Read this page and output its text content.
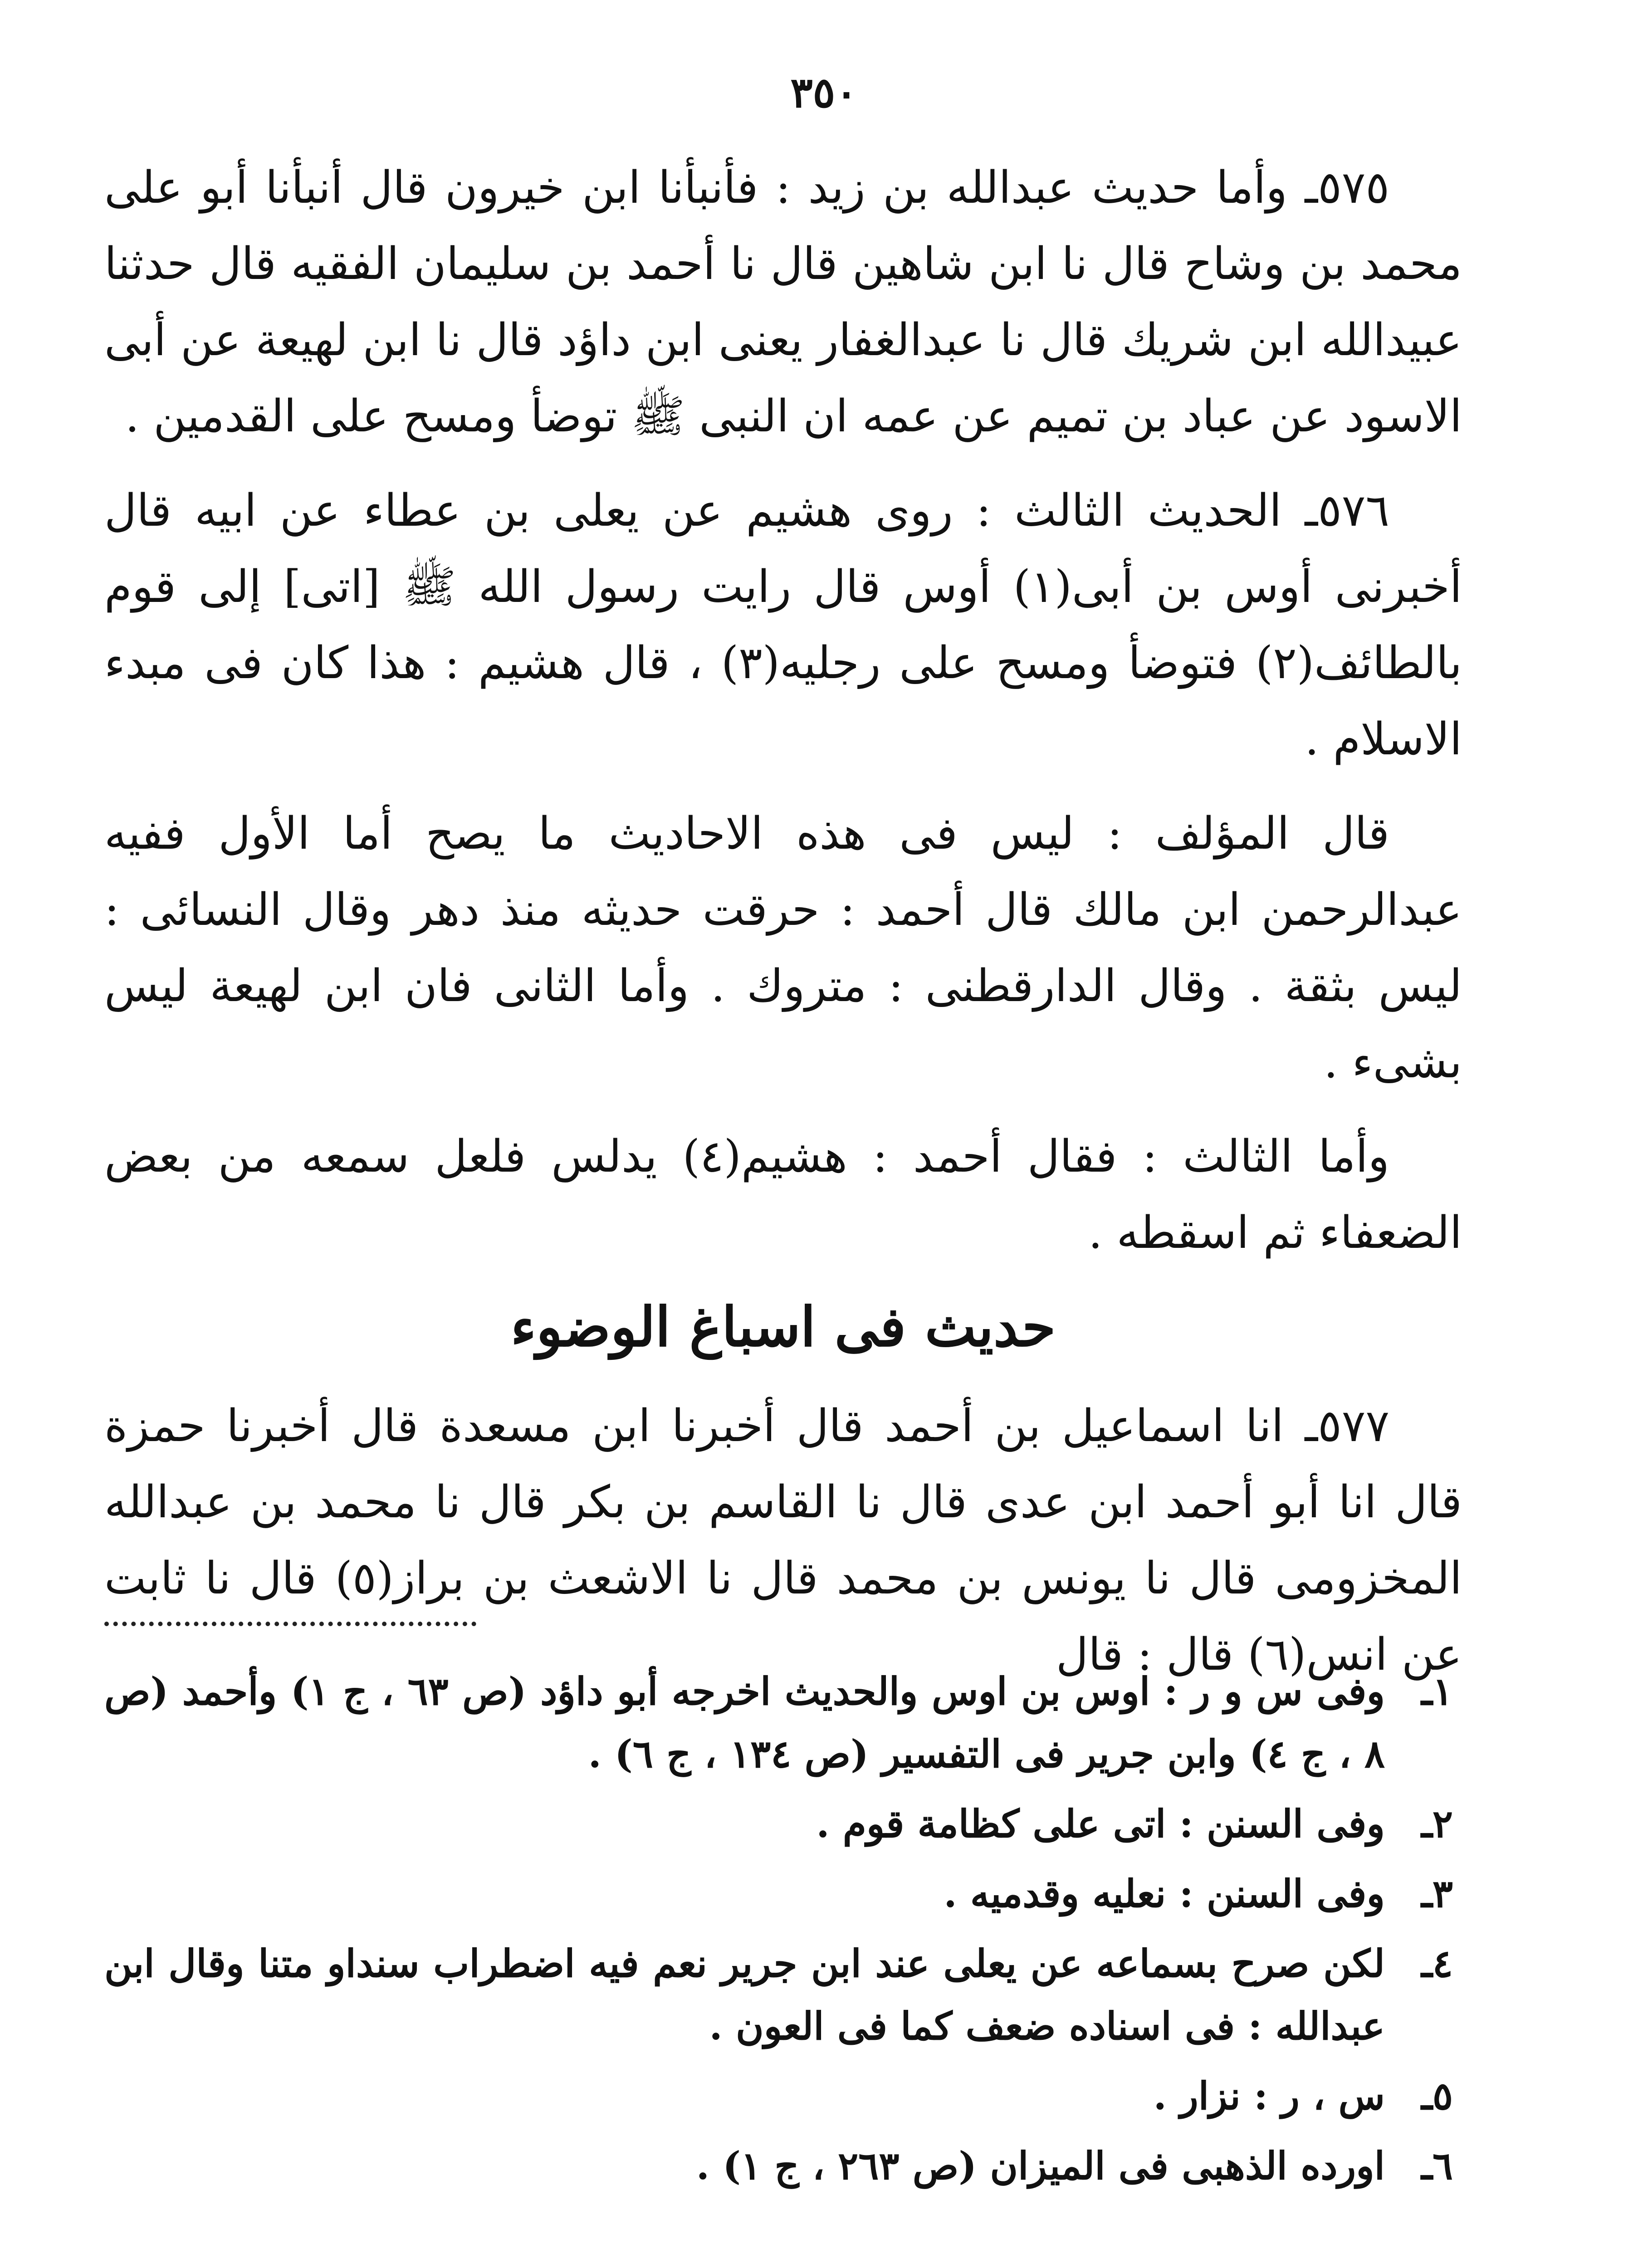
٣٥٠

٥٧٥ـ وأما حديث عبدالله بن زيد : فأنبأنا ابن خيرون قال أنبأنا أبو على محمد بن وشاح قال نا ابن شاهين قال نا أحمد بن سليمان الفقيه قال حدثنا عبيدالله ابن شريك قال نا عبدالغفار يعنى ابن داؤد قال نا ابن لهيعة عن أبى الاسود عن عباد بن تميم عن عمه ان النبى ﷺ توضأ ومسح على القدمين .

٥٧٦ـ الحديث الثالث : روى هشيم عن يعلى بن عطاء عن ابيه قال أخبرنى أوس بن أبى(١) أوس قال رايت رسول الله ﷺ [اتى] إلى قوم بالطائف(٢) فتوضأ ومسح على رجليه(٣) ، قال هشيم : هذا كان فى مبدء الاسلام .

قال المؤلف : ليس فى هذه الاحاديث ما يصح أما الأول ففيه عبدالرحمن ابن مالك قال أحمد : حرقت حديثه منذ دهر وقال النسائى : ليس بثقة . وقال الدارقطنى : متروك . وأما الثانى فان ابن لهيعة ليس بشىء .

وأما الثالث : فقال أحمد : هشيم(٤) يدلس فلعل سمعه من بعض الضعفاء ثم اسقطه .

حديث فى اسباغ الوضوء

٥٧٧ـ انا اسماعيل بن أحمد قال أخبرنا ابن مسعدة قال أخبرنا حمزة قال انا أبو أحمد ابن عدى قال نا القاسم بن بكر قال نا محمد بن عبدالله المخزومى قال نا يونس بن محمد قال نا الاشعث بن براز(٥) قال نا ثابت عن انس(٦) قال : قال

١ـ
وفى س و ر : اوس بن اوس والحديث اخرجه أبو داؤد (ص ٦٣ ، ج ١) وأحمد (ص ٨ ، ج ٤) وابن جرير فى التفسير (ص ١٣٤ ، ج ٦) .
٢ـ
وفى السنن : اتى على كظامة قوم .
٣ـ
وفى السنن : نعليه وقدميه .
٤ـ
لكن صرح بسماعه عن يعلى عند ابن جرير نعم فيه اضطراب سنداو متنا وقال ابن عبدالله : فى اسناده ضعف كما فى العون .
٥ـ
س ، ر : نزار .
٦ـ
اورده الذهبى فى الميزان (ص ٢٦٣ ، ج ١) .
